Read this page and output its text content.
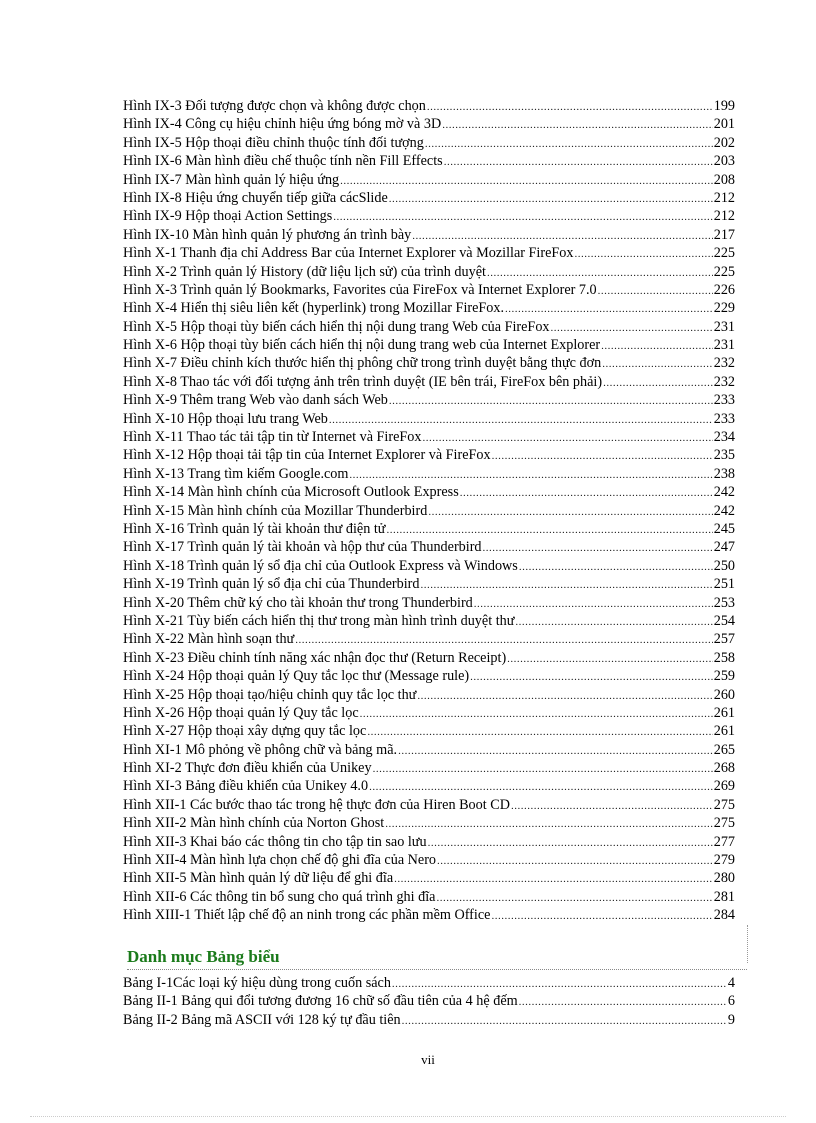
Hình IX-3 Đối tượng được chọn và không được chọn .....	199
Hình IX-4 Công cụ hiệu chỉnh hiệu ứng bóng mờ và 3D .....	201
Hình IX-5 Hộp thoại điều chỉnh thuộc tính đối tượng .....	202
Hình IX-6 Màn hình điều chế thuộc tính nền Fill Effects .....	203
Hình IX-7 Màn hình quản lý hiệu ứng .....	208
Hình IX-8 Hiệu ứng chuyển tiếp giữa cácSlide .....	212
Hình IX-9 Hộp thoại Action Settings .....	212
Hình IX-10 Màn hình quản lý phương án trình bày .....	217
Hình X-1 Thanh địa chỉ Address Bar của Internet Explorer và Mozillar FireFox .....	225
Hình X-2 Trình quản lý History (dữ liệu lịch sử) của trình duyệt .....	225
Hình X-3 Trình quản lý Bookmarks, Favorites của FireFox và Internet Explorer 7.0 .....	226
Hình X-4 Hiển thị siêu liên kết (hyperlink) trong Mozillar FireFox. .....	229
Hình X-5 Hộp thoại tùy biến cách hiển thị nội dung trang Web của FireFox .....	231
Hình X-6 Hộp thoại tùy biến cách hiển thị nội dung trang web của Internet Explorer .....	231
Hình X-7 Điều chỉnh kích thước hiển thị phông chữ trong trình duyệt bằng thực đơn .....	232
Hình X-8 Thao tác với đối tượng ảnh trên trình duyệt (IE bên trái, FireFox bên phải) .....	232
Hình X-9 Thêm trang Web vào danh sách Web .....	233
Hình X-10 Hộp thoại lưu trang Web .....	233
Hình X-11 Thao tác tải tập tin từ Internet và FireFox .....	234
Hình X-12 Hộp thoại tải tập tin của Internet Explorer và FireFox .....	235
Hình X-13 Trang tìm kiếm Google.com .....	238
Hình X-14 Màn hình chính của Microsoft Outlook Express .....	242
Hình X-15 Màn hình chính của Mozillar Thunderbird .....	242
Hình X-16 Trình quản lý tài khoản thư điện tử .....	245
Hình X-17 Trình quản lý tài khoản và hộp thư của Thunderbird .....	247
Hình X-18 Trình quản lý sổ địa chỉ của Outlook Express và Windows .....	250
Hình X-19 Trình quản lý sổ địa chỉ của Thunderbird .....	251
Hình X-20 Thêm chữ ký cho tài khoản thư trong Thunderbird .....	253
Hình X-21 Tùy biến cách hiển thị thư trong màn hình trình duyệt thư .....	254
Hình X-22 Màn hình soạn thư .....	257
Hình X-23 Điều chỉnh tính năng xác nhận đọc thư (Return Receipt) .....	258
Hình X-24 Hộp thoại quản lý Quy tắc lọc thư (Message rule) .....	259
Hình X-25 Hộp thoại tạo/hiệu chỉnh quy tắc lọc thư .....	260
Hình X-26 Hộp thoại quản lý Quy tắc lọc .....	261
Hình X-27 Hộp thoại xây dựng quy tắc lọc .....	261
Hình XI-1 Mô phỏng về phông chữ và bảng mã. .....	265
Hình XI-2 Thực đơn điều khiển của Unikey .....	268
Hình XI-3 Bảng điều khiển của Unikey 4.0 .....	269
Hình XII-1 Các bước thao tác trong hệ thực đơn của Hiren Boot CD .....	275
Hình XII-2 Màn hình chính của Norton Ghost .....	275
Hình XII-3 Khai báo các thông tin cho tập tin sao lưu .....	277
Hình XII-4 Màn hình lựa chọn chế độ ghi đĩa của Nero .....	279
Hình XII-5 Màn hình quản lý dữ liệu để ghi đĩa .....	280
Hình XII-6 Các thông tin bổ sung cho quá trình ghi đĩa .....	281
Hình XIII-1 Thiết lập chế độ an ninh trong các phần mềm Office .....	284
Danh mục Bảng biểu
Bảng I-1Các loại ký hiệu dùng trong cuốn sách .....	4
Bảng II-1 Bảng qui đổi tương đương 16 chữ số đầu tiên của 4 hệ đếm .....	6
Bảng II-2 Bảng mã ASCII với 128 ký tự đầu tiên .....	9
vii
